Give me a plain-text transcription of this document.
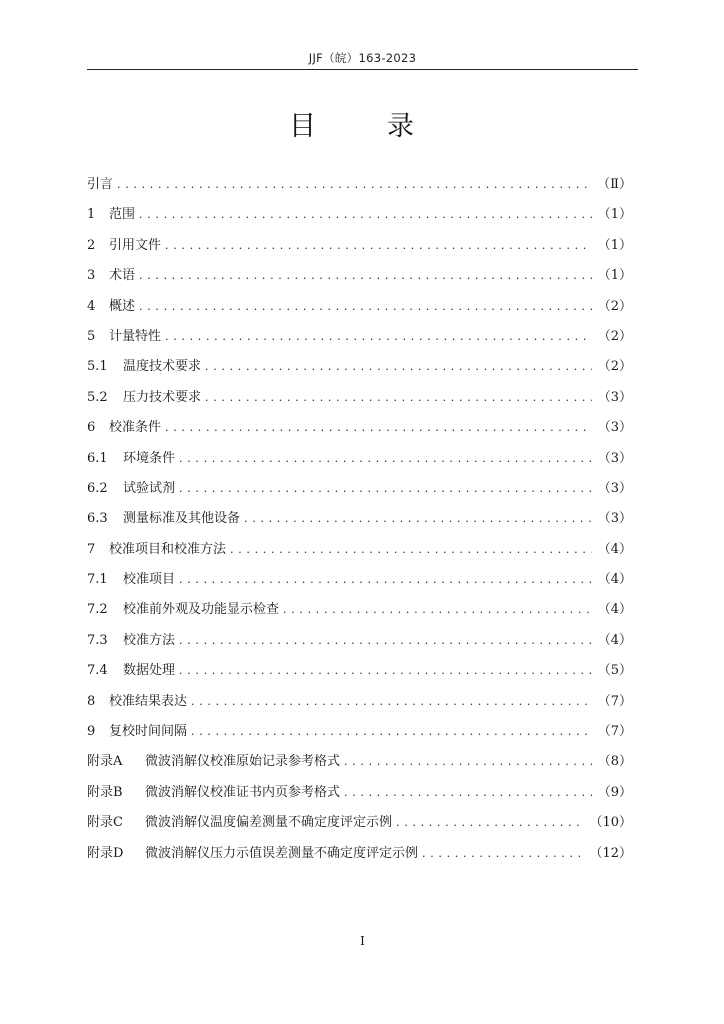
JJF（皖）163-2023
目　录
引言 . . .	（Ⅱ）
1	范围 . . .	（1）
2	引用文件 . . .	（1）
3	术语 . . .	（1）
4	概述 . . .	（2）
5	计量特性 . . .	（2）
5.1	温度技术要求 . . .	（2）
5.2	压力技术要求 . . .	（3）
6	校准条件 . . .	（3）
6.1	环境条件 . . .	（3）
6.2	试验试剂 . . .	（3）
6.3	测量标准及其他设备 . . .	（3）
7	校准项目和校准方法 . . .	（4）
7.1	校准项目 . . .	（4）
7.2	校准前外观及功能显示检查 . . .	（4）
7.3	校准方法 . . .	（4）
7.4	数据处理 . . .	（5）
8	校准结果表达 . . .	（7）
9	复校时间间隔 . . .	（7）
附录A	微波消解仪校准原始记录参考格式 . . .	（8）
附录B	微波消解仪校准证书内页参考格式 . . .	（9）
附录C	微波消解仪温度偏差测量不确定度评定示例 . . .	（10）
附录D	微波消解仪压力示值误差测量不确定度评定示例 . . .	（12）
I
